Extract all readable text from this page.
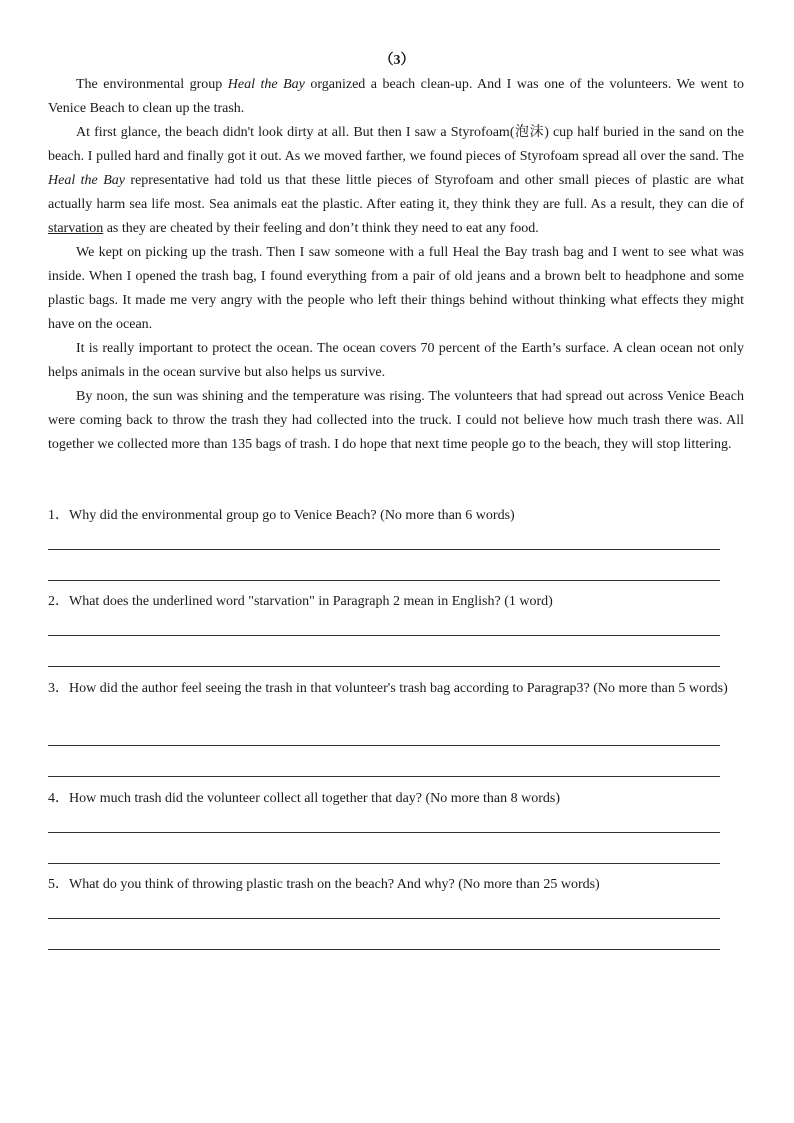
（3）

The environmental group Heal the Bay organized a beach clean-up. And I was one of the volunteers. We went to Venice Beach to clean up the trash.

At first glance, the beach didn't look dirty at all. But then I saw a Styrofoam(泡沫) cup half buried in the sand on the beach. I pulled hard and finally got it out. As we moved farther, we found pieces of Styrofoam spread all over the sand. The Heal the Bay representative had told us that these little pieces of Styrofoam and other small pieces of plastic are what actually harm sea life most. Sea animals eat the plastic. After eating it, they think they are full. As a result, they can die of starvation as they are cheated by their feeling and don’t think they need to eat any food.

We kept on picking up the trash. Then I saw someone with a full Heal the Bay trash bag and I went to see what was inside. When I opened the trash bag, I found everything from a pair of old jeans and a brown belt to headphone and some plastic bags. It made me very angry with the people who left their things behind without thinking what effects they might have on the ocean.

It is really important to protect the ocean. The ocean covers 70 percent of the Earth’s surface. A clean ocean not only helps animals in the ocean survive but also helps us survive.

By noon, the sun was shining and the temperature was rising. The volunteers that had spread out across Venice Beach were coming back to throw the trash they had collected into the truck. I could not believe how much trash there was. All together we collected more than 135 bags of trash. I do hope that next time people go to the beach, they will stop littering.

1．Why did the environmental group go to Venice Beach? (No more than 6 words)
2．What does the underlined word "starvation" in Paragraph 2 mean in English? (1 word)
3．How did the author feel seeing the trash in that volunteer's trash bag according to Paragrap3? (No more than 5 words)
4．How much trash did the volunteer collect all together that day? (No more than 8 words)
5．What do you think of throwing plastic trash on the beach? And why? (No more than 25 words)
